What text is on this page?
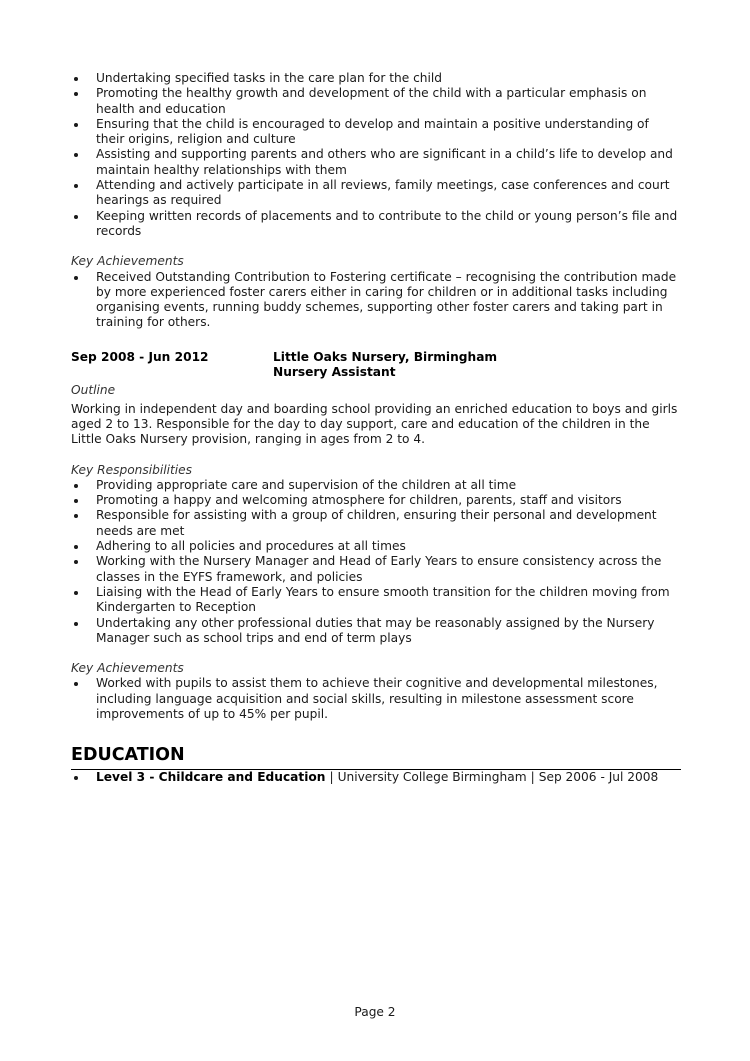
Undertaking specified tasks in the care plan for the child
Promoting the healthy growth and development of the child with a particular emphasis on health and education
Ensuring that the child is encouraged to develop and maintain a positive understanding of their origins, religion and culture
Assisting and supporting parents and others who are significant in a child’s life to develop and maintain healthy relationships with them
Attending and actively participate in all reviews, family meetings, case conferences and court hearings as required
Keeping written records of placements and to contribute to the child or young person’s file and records
Key Achievements
Received Outstanding Contribution to Fostering certificate – recognising the contribution made by more experienced foster carers either in caring for children or in additional tasks including organising events, running buddy schemes, supporting other foster carers and taking part in training for others.
Sep 2008 - Jun 2012	Little Oaks Nursery, Birmingham
Nursery Assistant
Outline

Working in independent day and boarding school providing an enriched education to boys and girls aged 2 to 13. Responsible for the day to day support, care and education of the children in the Little Oaks Nursery provision, ranging in ages from 2 to 4.

Key Responsibilities
Providing appropriate care and supervision of the children at all time
Promoting a happy and welcoming atmosphere for children, parents, staff and visitors
Responsible for assisting with a group of children, ensuring their personal and development needs are met
Adhering to all policies and procedures at all times
Working with the Nursery Manager and Head of Early Years to ensure consistency across the classes in the EYFS framework, and policies
Liaising with the Head of Early Years to ensure smooth transition for the children moving from Kindergarten to Reception
Undertaking any other professional duties that may be reasonably assigned by the Nursery Manager such as school trips and end of term plays
Key Achievements
Worked with pupils to assist them to achieve their cognitive and developmental milestones, including language acquisition and social skills, resulting in milestone assessment score improvements of up to 45% per pupil.
EDUCATION
Level 3 - Childcare and Education | University College Birmingham | Sep 2006 - Jul 2008
Page 2
